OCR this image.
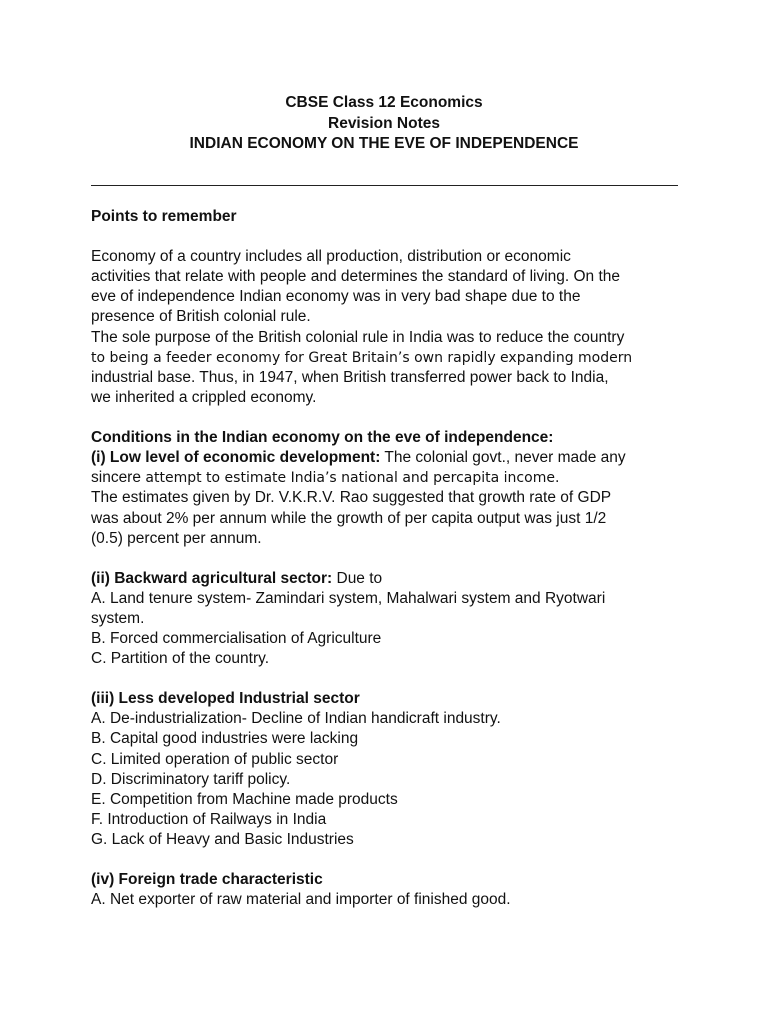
CBSE Class 12 Economics
Revision Notes
INDIAN ECONOMY ON THE EVE OF INDEPENDENCE

Points to remember

Economy of a country includes all production, distribution or economic
activities that relate with people and determines the standard of living. On the
eve of independence Indian economy was in very bad shape due to the
presence of British colonial rule.
The sole purpose of the British colonial rule in India was to reduce the country
to being a feeder economy for Great Britain’s own rapidly expanding modern
industrial base. Thus, in 1947, when British transferred power back to India,
we inherited a crippled economy.

Conditions in the Indian economy on the eve of independence:

(i) Low level of economic development: The colonial govt., never made any
sincere attempt to estimate India’s national and percapita income.
The estimates given by Dr. V.K.R.V. Rao suggested that growth rate of GDP
was about 2% per annum while the growth of per capita output was just 1/2
(0.5) percent per annum.
(ii) Backward agricultural sector: Due to
A. Land tenure system- Zamindari system, Mahalwari system and Ryotwari
system.
B. Forced commercialisation of Agriculture
C. Partition of the country.
(iii) Less developed Industrial sector
A. De-industrialization- Decline of Indian handicraft industry.
B. Capital good industries were lacking
C. Limited operation of public sector
D. Discriminatory tariff policy.
E. Competition from Machine made products
F. Introduction of Railways in India
G. Lack of Heavy and Basic Industries
(iv) Foreign trade characteristic
A. Net exporter of raw material and importer of finished good.
